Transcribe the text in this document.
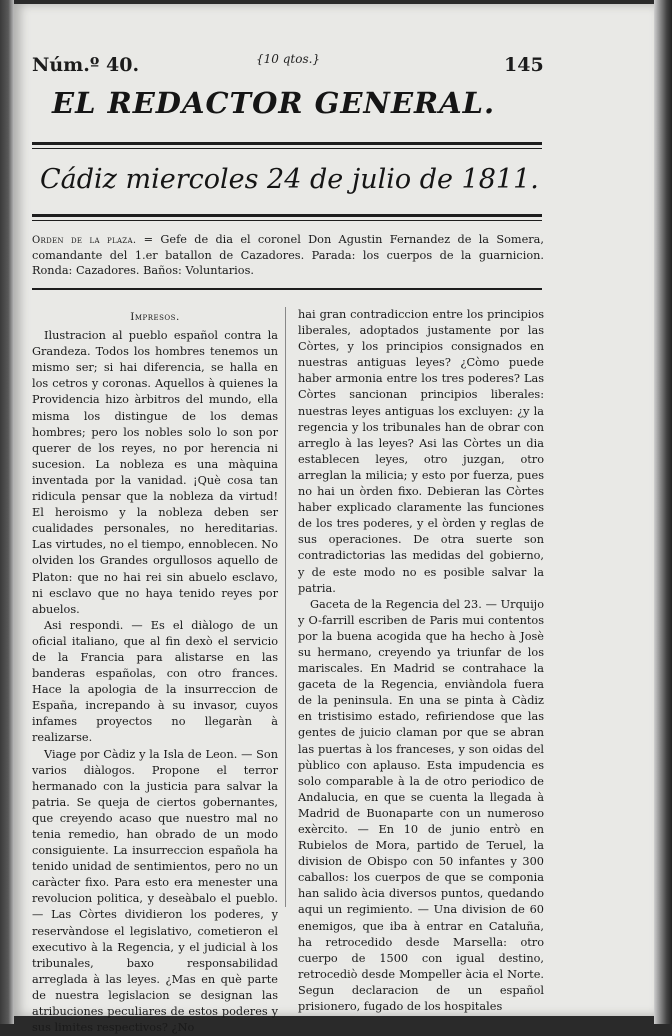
Núm.º 40.	{10 qtos.}	145
EL REDACTOR GENERAL.
Cádiz miercoles 24 de julio de 1811.
Orden de la plaza. = Gefe de dia el coronel Don Agustin Fernandez de la Somera, comandante del 1.er batallon de Cazadores. Parada: los cuerpos de la guarnicion. Ronda: Cazadores. Baños: Voluntarios.
Impresos.

Ilustracion al pueblo español contra la Grandeza. Todos los hombres tenemos un mismo ser; si hai diferencia, se halla en los cetros y coronas. Aquellos à quienes la Providencia hizo àrbitros del mundo, ella misma los distingue de los demas hombres; pero los nobles solo lo son por querer de los reyes, no por herencia ni sucesion. La nobleza es una màquina inventada por la vanidad. ¡Què cosa tan ridicula pensar que la nobleza da virtud! El heroismo y la nobleza deben ser cualidades personales, no hereditarias. Las virtudes, no el tiempo, ennoblecen. No olviden los Grandes orgullosos aquello de Platon: que no hai rei sin abuelo esclavo, ni esclavo que no haya tenido reyes por abuelos.

Asi respondi. — Es el diàlogo de un oficial italiano, que al fin dexò el servicio de la Francia para alistarse en las banderas españolas, con otro frances. Hace la apologia de la insurreccion de España, increpando à su invasor, cuyos infames proyectos no llegaràn à realizarse.

Viage por Càdiz y la Isla de Leon. — Son varios diàlogos. Propone el terror hermanado con la justicia para salvar la patria. Se queja de ciertos gobernantes, que creyendo acaso que nuestro mal no tenia remedio, han obrado de un modo consiguiente. La insurreccion española ha tenido unidad de sentimientos, pero no un caràcter fixo. Para esto era menester una revolucion politica, y deseàbalo el pueblo. — Las Còrtes dividieron los poderes, y reservàndose el legislativo, cometieron el executivo à la Regencia, y el judicial à los tribunales, baxo responsabilidad arreglada à las leyes. ¿Mas en què parte de nuestra legislacion se designan las atribuciones peculiares de estos poderes y sus limites respectivos? ¿No

hai gran contradiccion entre los principios liberales, adoptados justamente por las Còrtes, y los principios consignados en nuestras antiguas leyes? ¿Còmo puede haber armonia entre los tres poderes? Las Còrtes sancionan principios liberales: nuestras leyes antiguas los excluyen: ¿y la regencia y los tribunales han de obrar con arreglo à las leyes? Asi las Còrtes un dia establecen leyes, otro juzgan, otro arreglan la milicia; y esto por fuerza, pues no hai un òrden fixo. Debieran las Còrtes haber explicado claramente las funciones de los tres poderes, y el òrden y reglas de sus operaciones. De otra suerte son contradictorias las medidas del gobierno, y de este modo no es posible salvar la patria.

Gaceta de la Regencia del 23. — Urquijo y O-farrill escriben de Paris mui contentos por la buena acogida que ha hecho à Josè su hermano, creyendo ya triunfar de los mariscales. En Madrid se contrahace la gaceta de la Regencia, enviàndola fuera de la peninsula. En una se pinta à Càdiz en tristisimo estado, refiriendose que las gentes de juicio claman por que se abran las puertas à los franceses, y son oidas del pùblico con aplauso. Esta impudencia es solo comparable à la de otro periodico de Andalucia, en que se cuenta la llegada à Madrid de Buonaparte con un numeroso exèrcito. — En 10 de junio entrò en Rubielos de Mora, partido de Teruel, la division de Obispo con 50 infantes y 300 caballos: los cuerpos de que se componia han salido àcia diversos puntos, quedando aqui un regimiento. — Una division de 60 enemigos, que iba à entrar en Cataluña, ha retrocedido desde Marsella: otro cuerpo de 1500 con igual destino, retrocediò desde Mompeller àcia el Norte. Segun declaracion de un español prisionero, fugado de los hospitales
